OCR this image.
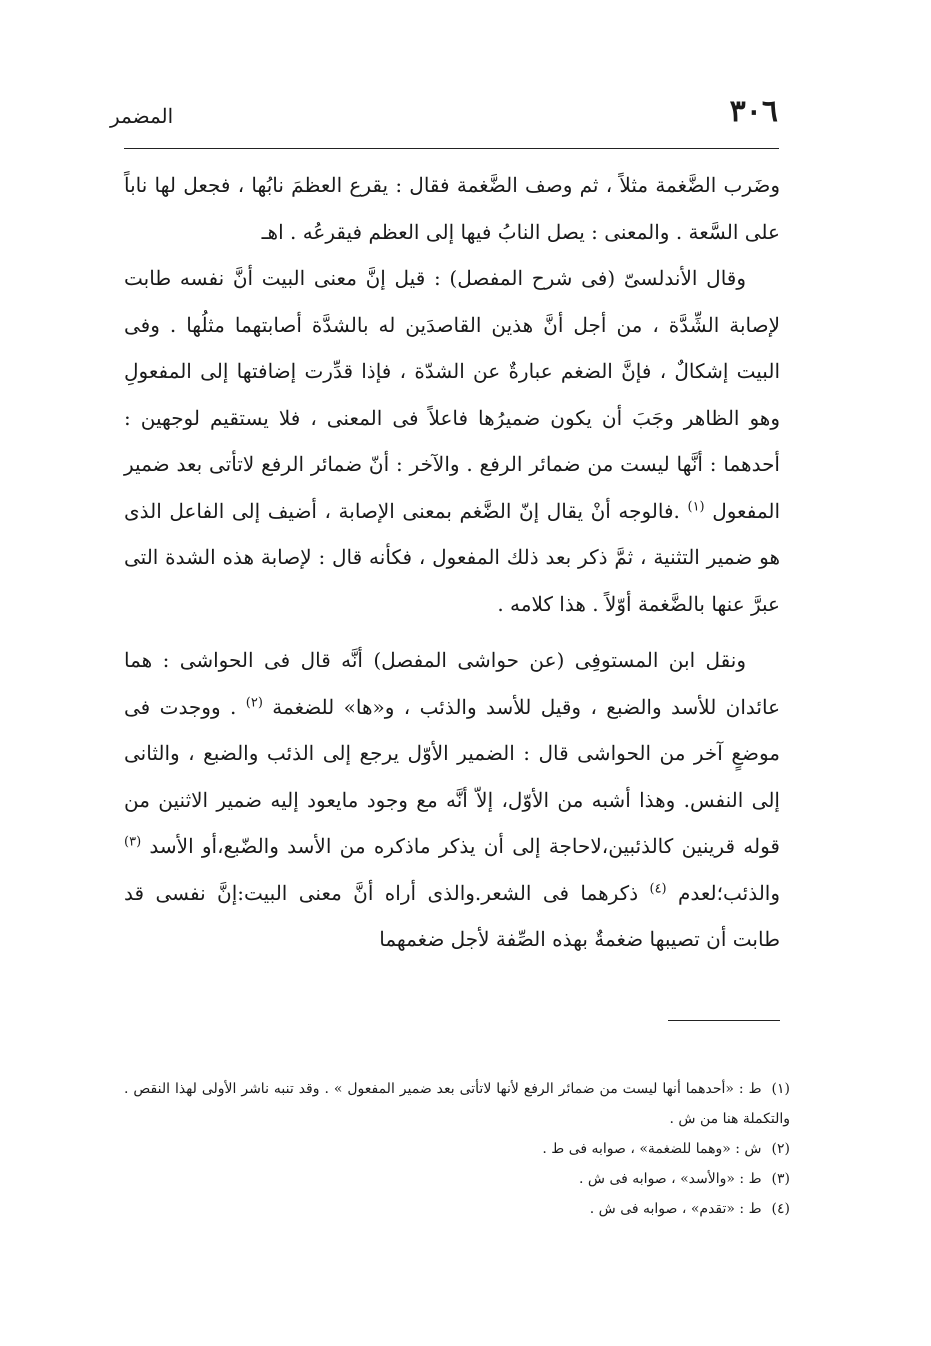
٣٠٦
المضمر

وضَرب الضَّغمة مثلاً ، ثم وصف الضَّغمة فقال : يقرع العظمَ نابُها ، فجعل لها ناباً على السَّعة . والمعنى : يصل النابُ فيها إلى العظم فيقرعُه . اهـ

وقال الأندلسىّ (فى شرح المفصل) : قيل إنَّ معنى البيت أنَّ نفسه طابت لإصابة الشِّدَّة ، من أجل أنَّ هذين القاصدَين له بالشدَّة أصابتهما مثلُها . وفى البيت إشكالٌ ، فإنَّ الضغم عبارةٌ عن الشدّة ، فإذا قدِّرت إضافتها إلى المفعولِ وهو الظاهر وجَبَ أن يكون ضميرُها فاعلاً فى المعنى ، فلا يستقيم لوجهين : أحدهما : أنَّها ليست من ضمائر الرفع . والآخر : أنّ ضمائر الرفع لاتأتى بعد ضمير المفعول $^{(١)}$ .فالوجه أنْ يقال إنّ الضَّغم بمعنى الإصابة ، أضيف إلى الفاعل الذى هو ضمير التثنية ، ثمَّ ذكر بعد ذلك المفعول ، فكأنه قال : لإصابة هذه الشدة التى عبرَّ عنها بالضَّغمة أوّلاً . هذا كلامه .

ونقل ابن المستوفِى (عن حواشى المفصل) أنَّه قال فى الحواشى : هما عائدان للأسد والضبع ، وقيل للأسد والذئب ، و«ها» للضغمة $^{(٢)}$ . ووجدت فى موضعٍ آخر من الحواشى قال : الضمير الأوّل يرجع إلى الذئب والضبع ، والثانى إلى النفس. وهذا أشبه من الأوّل، إلاّ أنَّه مع وجود مايعود إليه ضمير الاثنين من قوله قرينين كالذئبين،لاحاجة إلى أن يذكر ماذكره من الأسد والضّبع،أو الأسد $^{(٣)}$ والذئب؛لعدم $^{(٤)}$ ذكرهما فى الشعر.والذى أراه أنَّ معنى البيت:إنَّ نفسى قد طابت أن تصيبها ضغمةٌ بهذه الصِّفة لأجل ضغمهما

(١)ط : «أحدهما أنها ليست من ضمائر الرفع لأنها لاتأتى بعد ضمير المفعول » . وقد تنبه ناشر الأولى لهذا النقص . والتكملة هنا من ش .

(٢)ش : «وهما للضغمة» ، صوابه فى ط .

(٣)ط : «والأسد» ، صوابه فى ش .

(٤)ط : «تقدم» ، صوابه فى ش .
